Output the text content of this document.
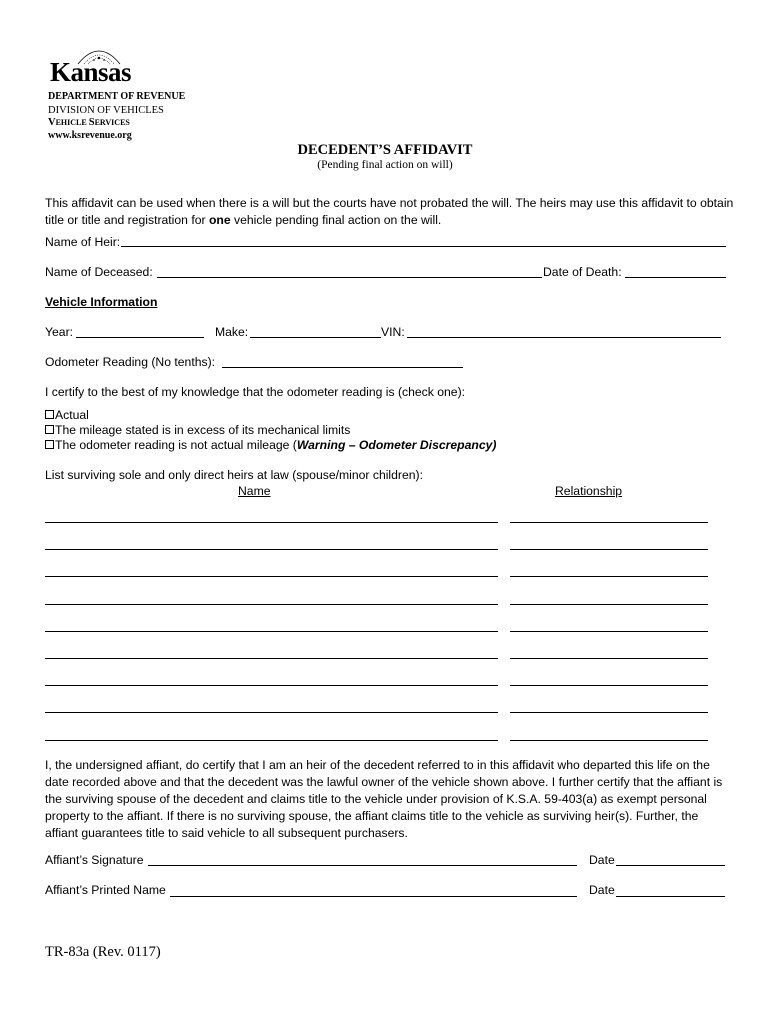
Kansas
DEPARTMENT OF REVENUE
DIVISION OF VEHICLES
VEHICLE SERVICES
www.ksrevenue.org
DECEDENT’S AFFIDAVIT
(Pending final action on will)
This affidavit can be used when there is a will but the courts have not probated the will. The heirs may use this affidavit to obtain title or title and registration for one vehicle pending final action on the will.
Name of Heir:
Name of Deceased:	Date of Death:
Vehicle Information
Year:	Make:	VIN:
Odometer Reading (No tenths):
I certify to the best of my knowledge that the odometer reading is (check one):
Actual
The mileage stated is in excess of its mechanical limits
The odometer reading is not actual mileage (Warning – Odometer Discrepancy)
List surviving sole and only direct heirs at law (spouse/minor children):
Name	Relationship
I, the undersigned affiant, do certify that I am an heir of the decedent referred to in this affidavit who departed this life on the date recorded above and that the decedent was the lawful owner of the vehicle shown above. I further certify that the affiant is the surviving spouse of the decedent and claims title to the vehicle under provision of K.S.A. 59-403(a) as exempt personal property to the affiant. If there is no surviving spouse, the affiant claims title to the vehicle as surviving heir(s). Further, the affiant guarantees title to said vehicle to all subsequent purchasers.
Affiant’s Signature	Date
Affiant’s Printed Name	Date
TR-83a (Rev. 0117)
